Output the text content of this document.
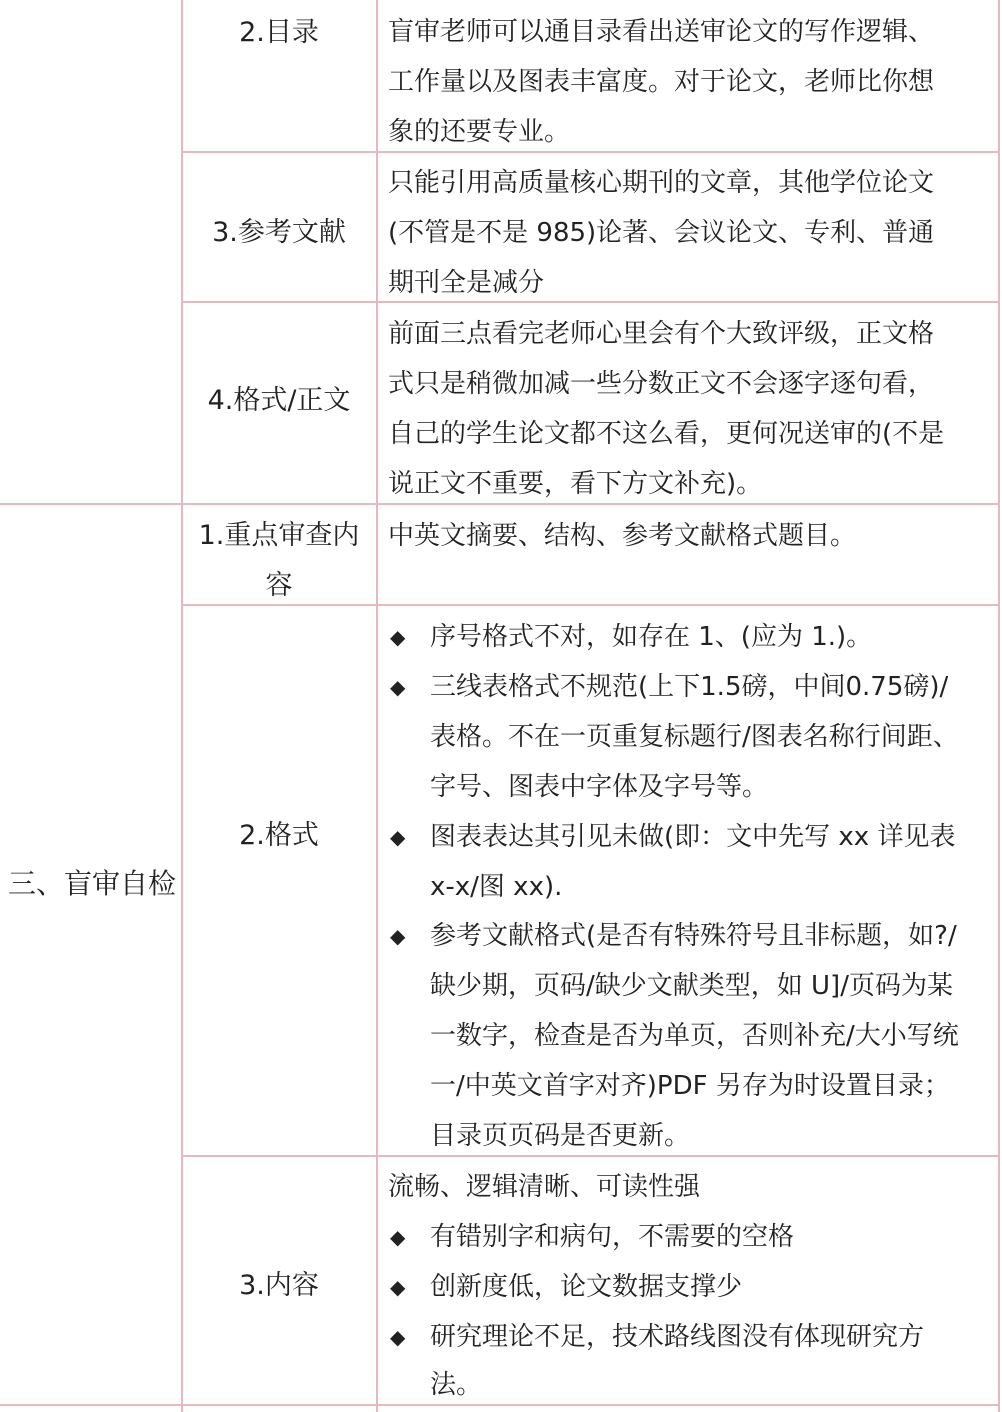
2.目录	盲审老师可以通目录看出送审论文的写作逻辑、
工作量以及图表丰富度。对于论文，老师比你想
象的还要专业。
3.参考文献
只能引用高质量核心期刊的文章，其他学位论文
(不管是不是 985)论著、会议论文、专利、普通
期刊全是减分
4.格式/正文
前面三点看完老师心里会有个大致评级，正文格
式只是稍微加减一些分数正文不会逐字逐句看，
自己的学生论文都不这么看，更何况送审的(不是
说正文不重要，看下方文补充)。
三、盲审自检
1.重点审查内
容
中英文摘要、结构、参考文献格式题目。
2.格式
◆ 序号格式不对，如存在 1、(应为 1.)。
◆ 三线表格式不规范(上下1.5磅，中间0.75磅)/
表格。不在一页重复标题行/图表名称行间距、
字号、图表中字体及字号等。
◆ 图表表达其引见未做(即：文中先写 xx 详见表
x-x/图 xx).
◆ 参考文献格式(是否有特殊符号且非标题，如?/
缺少期，页码/缺少文献类型，如 U]/页码为某
一数字，检查是否为单页，否则补充/大小写统
一/中英文首字对齐)PDF 另存为时设置目录；
目录页页码是否更新。
3.内容
流畅、逻辑清晰、可读性强
◆ 有错别字和病句，不需要的空格
◆ 创新度低，论文数据支撑少
◆ 研究理论不足，技术路线图没有体现研究方
法。
